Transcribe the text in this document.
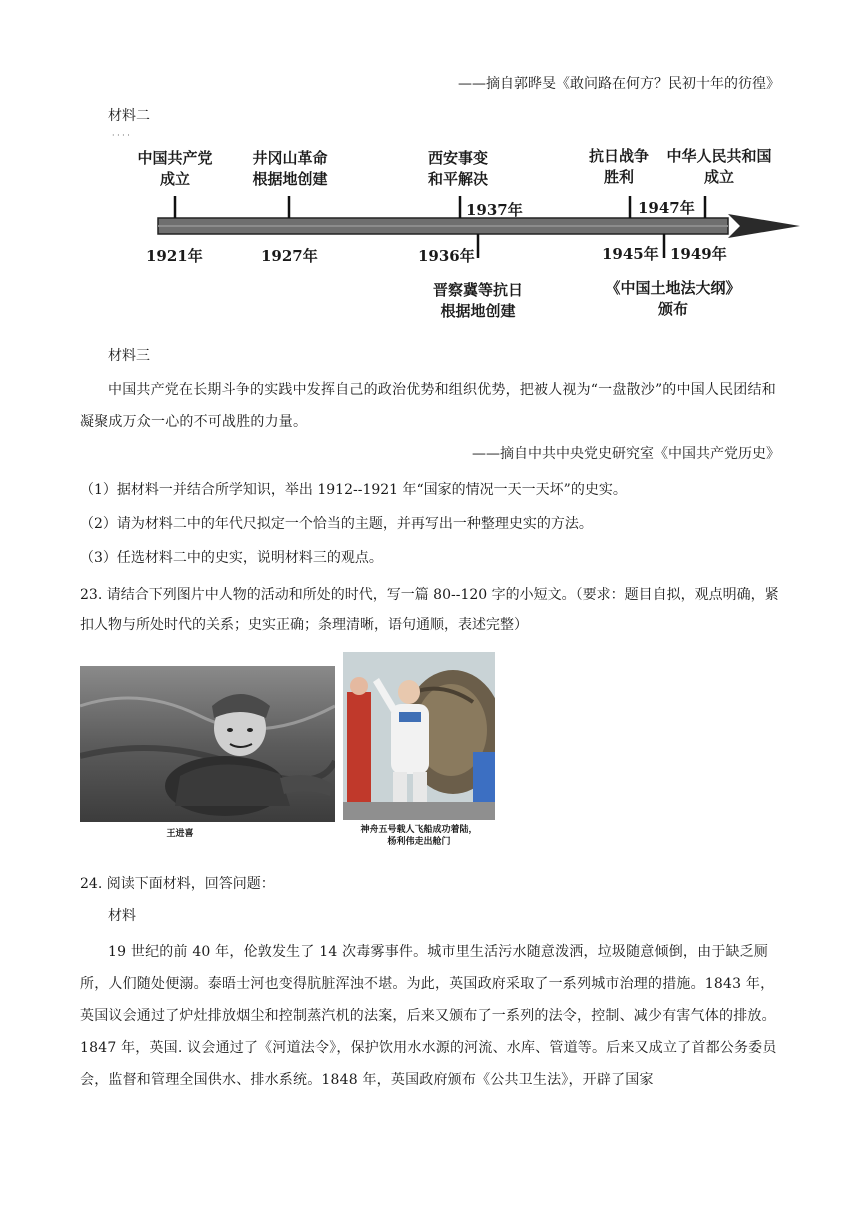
——摘自郭晔旻《敢问路在何方？民初十年的彷徨》
材料二
· · · ·
中国共产党
成立
井冈山革命
根据地创建
西安事变
和平解决
抗日战争
胜利
中华人民共和国
成立
1937年	1947年
1921年	1927年	1936年	1945年 1949年
晋察冀等抗日
根据地创建
《中国土地法大纲》
颁布
材料三
中国共产党在长期斗争的实践中发挥自己的政治优势和组织优势，把被人视为“一盘散沙”的中国人民团结和凝聚成万众一心的不可战胜的力量。
——摘自中共中央党史研究室《中国共产党历史》
（1）据材料一并结合所学知识，举出 1912--1921 年“国家的情况一天一天坏”的史实。
（2）请为材料二中的年代尺拟定一个恰当的主题，并再写出一种整理史实的方法。
（3）任选材料二中的史实，说明材料三的观点。
23. 请结合下列图片中人物的活动和所处的时代，写一篇 80--120 字的小短文。（要求：题目自拟，观点明确，紧扣人物与所处时代的关系；史实正确；条理清晰，语句通顺，表述完整）
王进喜	神舟五号载人飞船成功着陆，
杨利伟走出舱门
24. 阅读下面材料，回答问题：
材料
19 世纪的前 40 年，伦敦发生了 14 次毒雾事件。城市里生活污水随意泼洒，垃圾随意倾倒，由于缺乏厕所，人们随处便溺。泰晤士河也变得肮脏浑浊不堪。为此，英国政府采取了一系列城市治理的措施。1843 年，英国议会通过了炉灶排放烟尘和控制蒸汽机的法案，后来又颁布了一系列的法令，控制、减少有害气体的排放。1847 年，英国. 议会通过了《河道法令》，保护饮用水水源的河流、水库、管道等。后来又成立了首都公务委员会，监督和管理全国供水、排水系统。1848 年，英国政府颁布《公共卫生法》，开辟了国家
